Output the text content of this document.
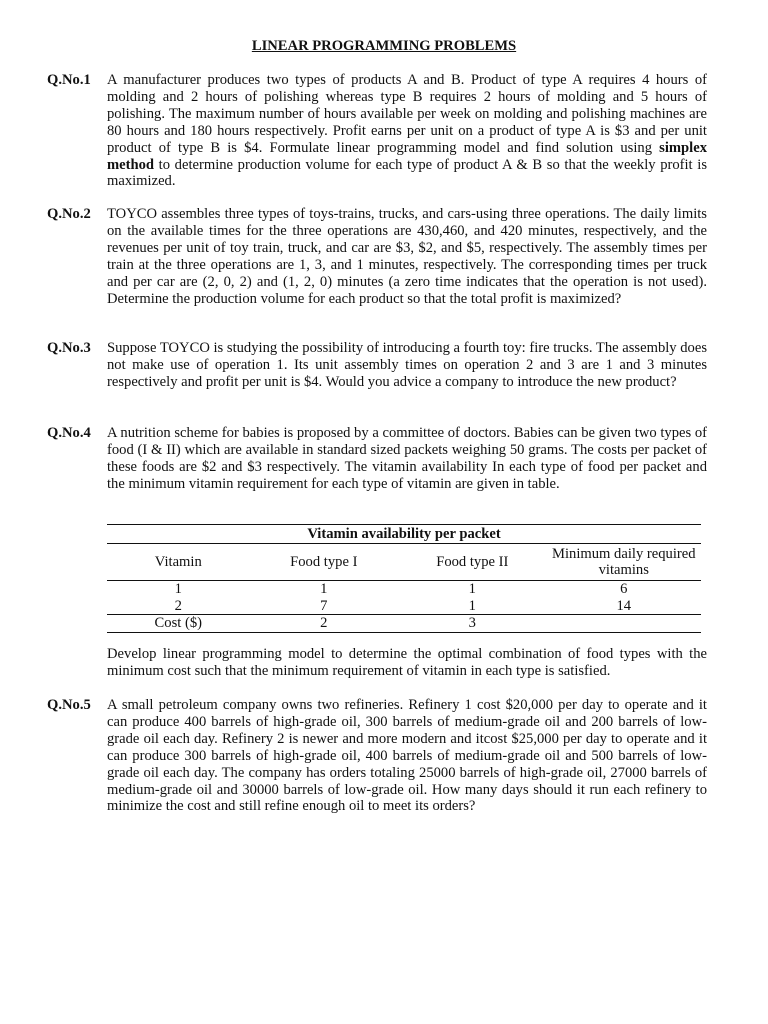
LINEAR PROGRAMMING PROBLEMS
Q.No.1 A manufacturer produces two types of products A and B. Product of type A requires 4 hours of molding and 2 hours of polishing whereas type B requires 2 hours of molding and 5 hours of polishing. The maximum number of hours available per week on molding and polishing machines are 80 hours and 180 hours respectively. Profit earns per unit on a product of type A is $3 and per unit product of type B is $4. Formulate linear programming model and find solution using simplex method to determine production volume for each type of product A & B so that the weekly profit is maximized.
Q.No.2 TOYCO assembles three types of toys-trains, trucks, and cars-using three operations. The daily limits on the available times for the three operations are 430,460, and 420 minutes, respectively, and the revenues per unit of toy train, truck, and car are $3, $2, and $5, respectively. The assembly times per train at the three operations are 1, 3, and 1 minutes, respectively. The corresponding times per truck and per car are (2, 0, 2) and (1, 2, 0) minutes (a zero time indicates that the operation is not used). Determine the production volume for each product so that the total profit is maximized?
Q.No.3 Suppose TOYCO is studying the possibility of introducing a fourth toy: fire trucks. The assembly does not make use of operation 1. Its unit assembly times on operation 2 and 3 are 1 and 3 minutes respectively and profit per unit is $4. Would you advice a company to introduce the new product?
Q.No.4 A nutrition scheme for babies is proposed by a committee of doctors. Babies can be given two types of food (I & II) which are available in standard sized packets weighing 50 grams. The costs per packet of these foods are $2 and $3 respectively. The vitamin availability In each type of food per packet and the minimum vitamin requirement for each type of vitamin are given in table.
Vitamin availability per packet			
Vitamin	Food type I	Food type II	Minimum daily required vitamins
1	1	1	6
2	7	1	14
Cost ($)	2	3	
Develop linear programming model to determine the optimal combination of food types with the minimum cost such that the minimum requirement of vitamin in each type is satisfied.
Q.No.5 A small petroleum company owns two refineries. Refinery 1 cost $20,000 per day to operate and it can produce 400 barrels of high-grade oil, 300 barrels of medium-grade oil and 200 barrels of low-grade oil each day. Refinery 2 is newer and more modern and itcost $25,000 per day to operate and it can produce 300 barrels of high-grade oil, 400 barrels of medium-grade oil and 500 barrels of low-grade oil each day. The company has orders totaling 25000 barrels of high-grade oil, 27000 barrels of medium-grade oil and 30000 barrels of low-grade oil. How many days should it run each refinery to minimize the cost and still refine enough oil to meet its orders?
